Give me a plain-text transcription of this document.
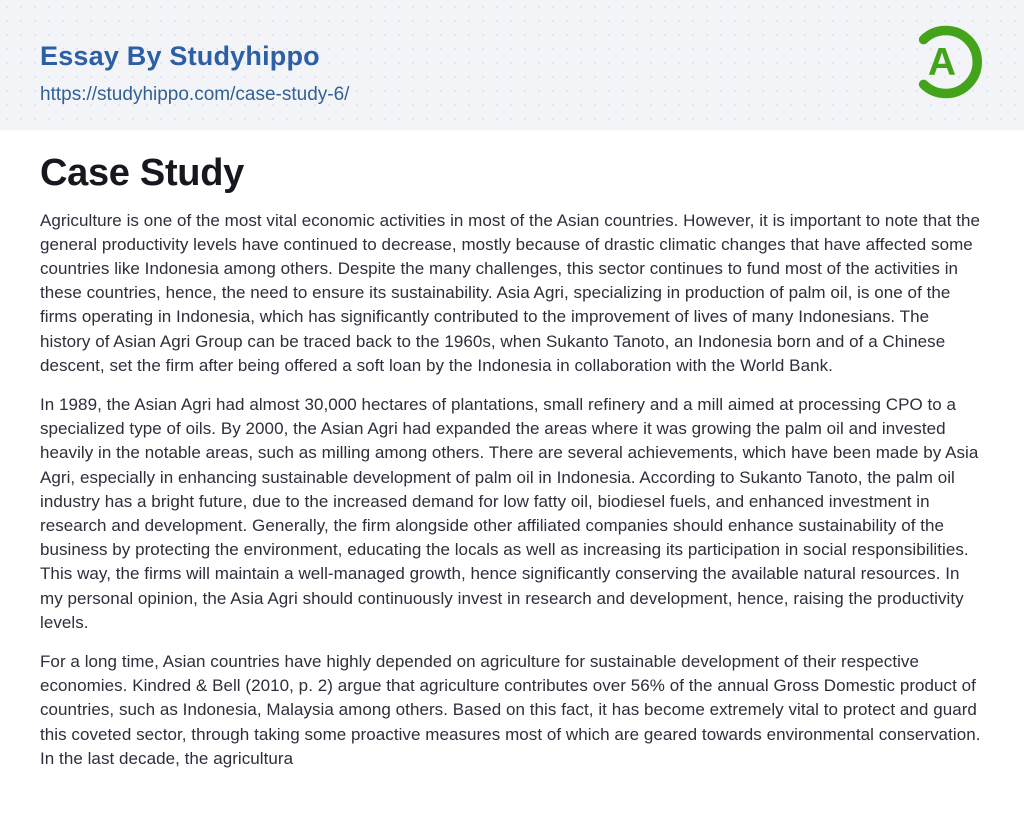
Essay By Studyhippo
https://studyhippo.com/case-study-6/
A
Case Study

Agriculture is one of the most vital economic activities in most of the Asian countries. However, it is important to note that the general productivity levels have continued to decrease, mostly because of drastic climatic changes that have affected some countries like Indonesia among others. Despite the many challenges, this sector continues to fund most of the activities in these countries, hence, the need to ensure its sustainability. Asia Agri, specializing in production of palm oil, is one of the firms operating in Indonesia, which has significantly contributed to the improvement of lives of many Indonesians. The history of Asian Agri Group can be traced back to the 1960s, when Sukanto Tanoto, an Indonesia born and of a Chinese descent, set the firm after being offered a soft loan by the Indonesia in collaboration with the World Bank.

In 1989, the Asian Agri had almost 30,000 hectares of plantations, small refinery and a mill aimed at processing CPO to a specialized type of oils. By 2000, the Asian Agri had expanded the areas where it was growing the palm oil and invested heavily in the notable areas, such as milling among others. There are several achievements, which have been made by Asia Agri, especially in enhancing sustainable development of palm oil in Indonesia. According to Sukanto Tanoto, the palm oil industry has a bright future, due to the increased demand for low fatty oil, biodiesel fuels, and enhanced investment in research and development. Generally, the firm alongside other affiliated companies should enhance sustainability of the business by protecting the environment, educating the locals as well as increasing its participation in social responsibilities. This way, the firms will maintain a well-managed growth, hence significantly conserving the available natural resources. In my personal opinion, the Asia Agri should continuously invest in research and development, hence, raising the productivity levels.

For a long time, Asian countries have highly depended on agriculture for sustainable development of their respective economies. Kindred & Bell (2010, p. 2) argue that agriculture contributes over 56% of the annual Gross Domestic product of countries, such as Indonesia, Malaysia among others. Based on this fact, it has become extremely vital to protect and guard this coveted sector, through taking some proactive measures most of which are geared towards environmental conservation. In the last decade, the agricultura
